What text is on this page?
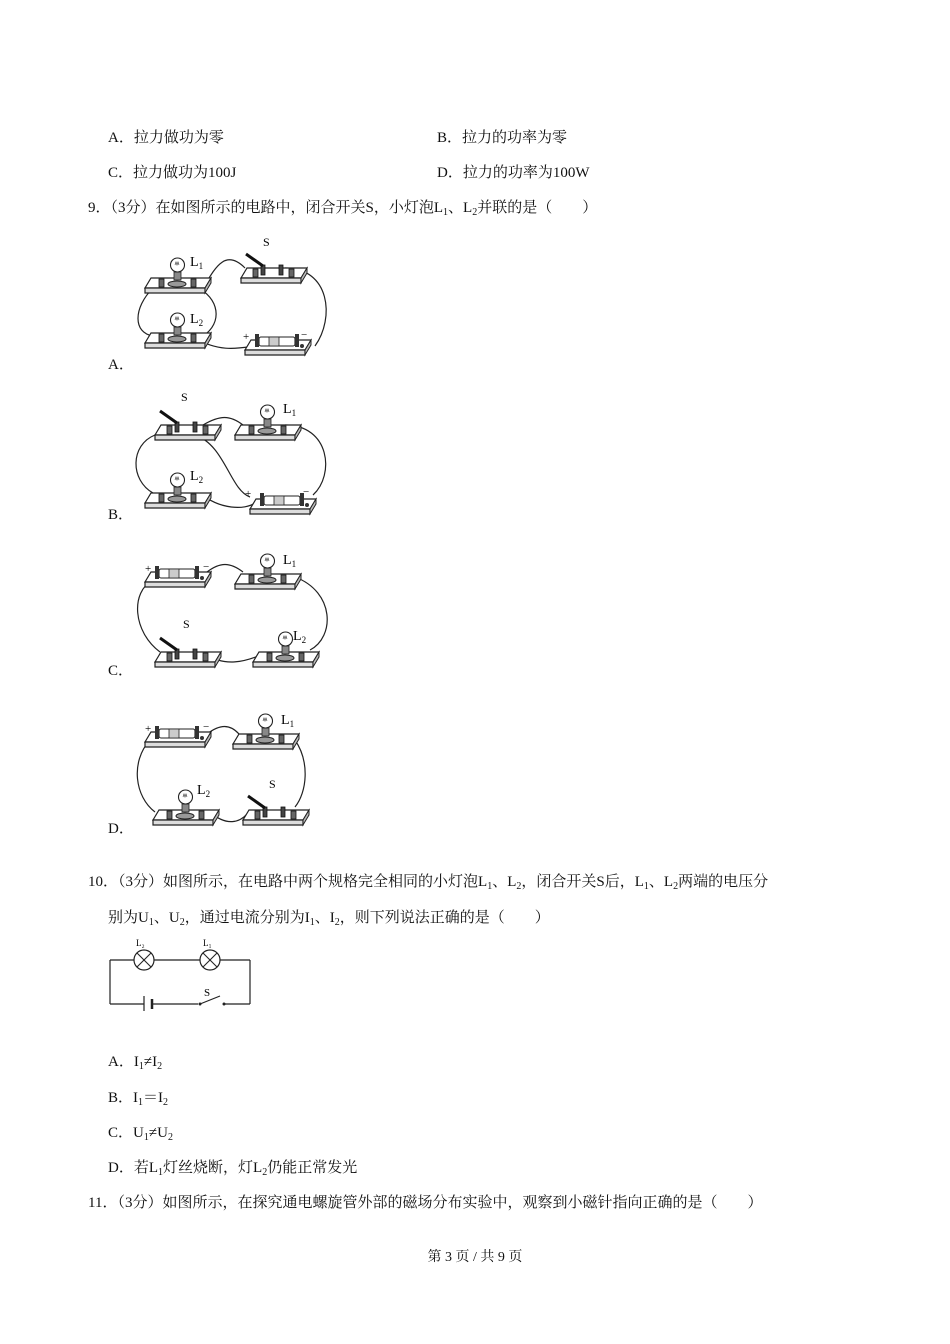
A．拉力做功为零	B．拉力的功率为零
C．拉力做功为100J	D．拉力的功率为100W
9．（3分）在如图所示的电路中，闭合开关S，小灯泡$L_1$、$L_2$并联的是（　　）
A．
$L_1$
$L_2$
S
+	−
B．
$L_1$
$L_2$
S
+	−
C．
$L_1$
$L_2$
S
+	−
D．
$L_1$
$L_2$
S
+	−
10．（3分）如图所示，在电路中两个规格完全相同的小灯泡$L_1$、$L_2$，闭合开关S后，$L_1$、$L_2$两端的电压分
别为$U_1$、$U_2$，通过电流分别为$I_1$、$I_2$，则下列说法正确的是（　　）
L₂	L₁
S
A．$I_1\ne I_2$
B．$I_1=I_2$
C．$U_1\ne U_2$
D．若$L_1$灯丝烧断，灯$L_2$仍能正常发光
11．（3分）如图所示，在探究通电螺旋管外部的磁场分布实验中，观察到小磁针指向正确的是（　　）
第 3 页 / 共 9 页
